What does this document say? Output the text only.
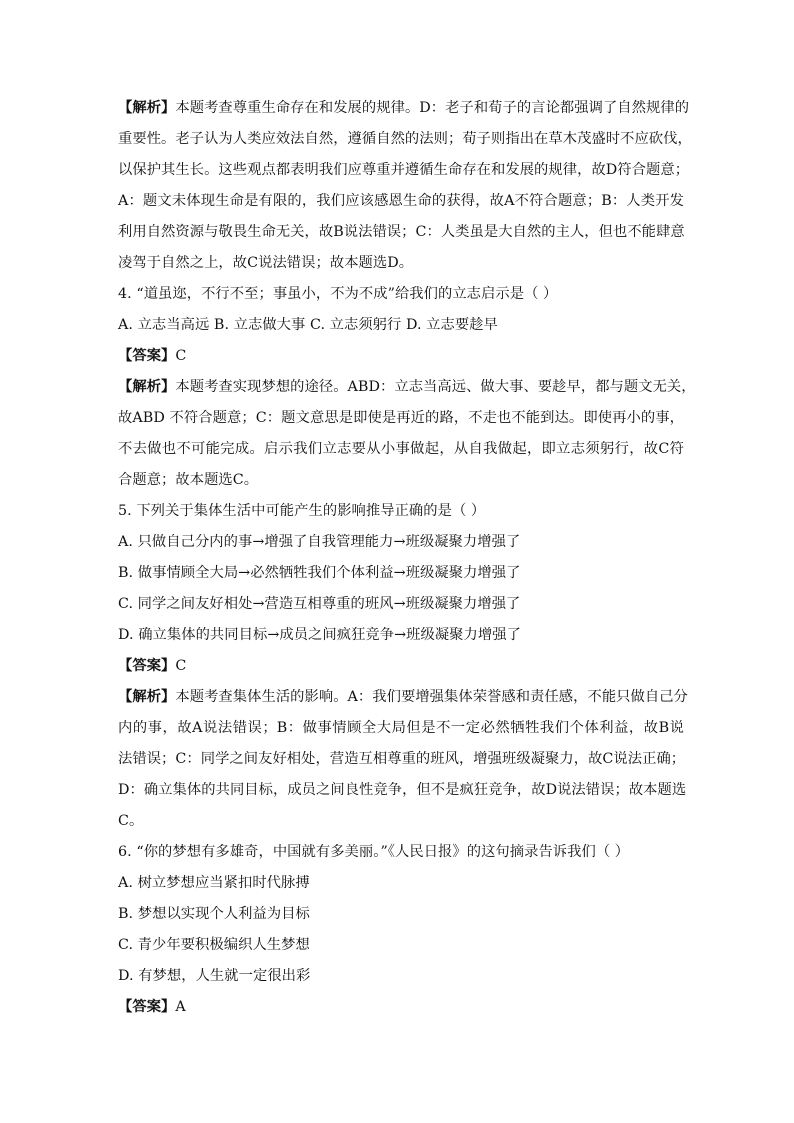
【解析】本题考查尊重生命存在和发展的规律。D：老子和荀子的言论都强调了自然规律的
重要性。老子认为人类应效法自然，遵循自然的法则；荀子则指出在草木茂盛时不应砍伐，
以保护其生长。这些观点都表明我们应尊重并遵循生命存在和发展的规律，故D符合题意；
A：题文未体现生命是有限的，我们应该感恩生命的获得，故A不符合题意；B：人类开发
利用自然资源与敬畏生命无关，故B说法错误；C：人类虽是大自然的主人，但也不能肆意
凌驾于自然之上，故C说法错误；故本题选D。
4. “道虽迩，不行不至；事虽小，不为不成”给我们的立志启示是（ ）
A. 立志当高远 B. 立志做大事 C. 立志须躬行 D. 立志要趁早
【答案】C
【解析】本题考查实现梦想的途径。ABD：立志当高远、做大事、要趁早，都与题文无关，
故ABD 不符合题意；C：题文意思是即使是再近的路，不走也不能到达。即使再小的事，
不去做也不可能完成。启示我们立志要从小事做起，从自我做起，即立志须躬行，故C符
合题意；故本题选C。
5. 下列关于集体生活中可能产生的影响推导正确的是（ ）
A. 只做自己分内的事→增强了自我管理能力→班级凝聚力增强了
B. 做事情顾全大局→必然牺牲我们个体利益→班级凝聚力增强了
C. 同学之间友好相处→营造互相尊重的班风→班级凝聚力增强了
D. 确立集体的共同目标→成员之间疯狂竞争→班级凝聚力增强了
【答案】C
【解析】本题考查集体生活的影响。A：我们要增强集体荣誉感和责任感，不能只做自己分
内的事，故A说法错误；B：做事情顾全大局但是不一定必然牺牲我们个体利益，故B说
法错误；C：同学之间友好相处，营造互相尊重的班风，增强班级凝聚力，故C说法正确；
D：确立集体的共同目标，成员之间良性竞争，但不是疯狂竞争，故D说法错误；故本题选
C。
6. “你的梦想有多雄奇，中国就有多美丽。”《人民日报》的这句摘录告诉我们（ ）
A. 树立梦想应当紧扣时代脉搏
B. 梦想以实现个人利益为目标
C. 青少年要积极编织人生梦想
D. 有梦想，人生就一定很出彩
【答案】A
